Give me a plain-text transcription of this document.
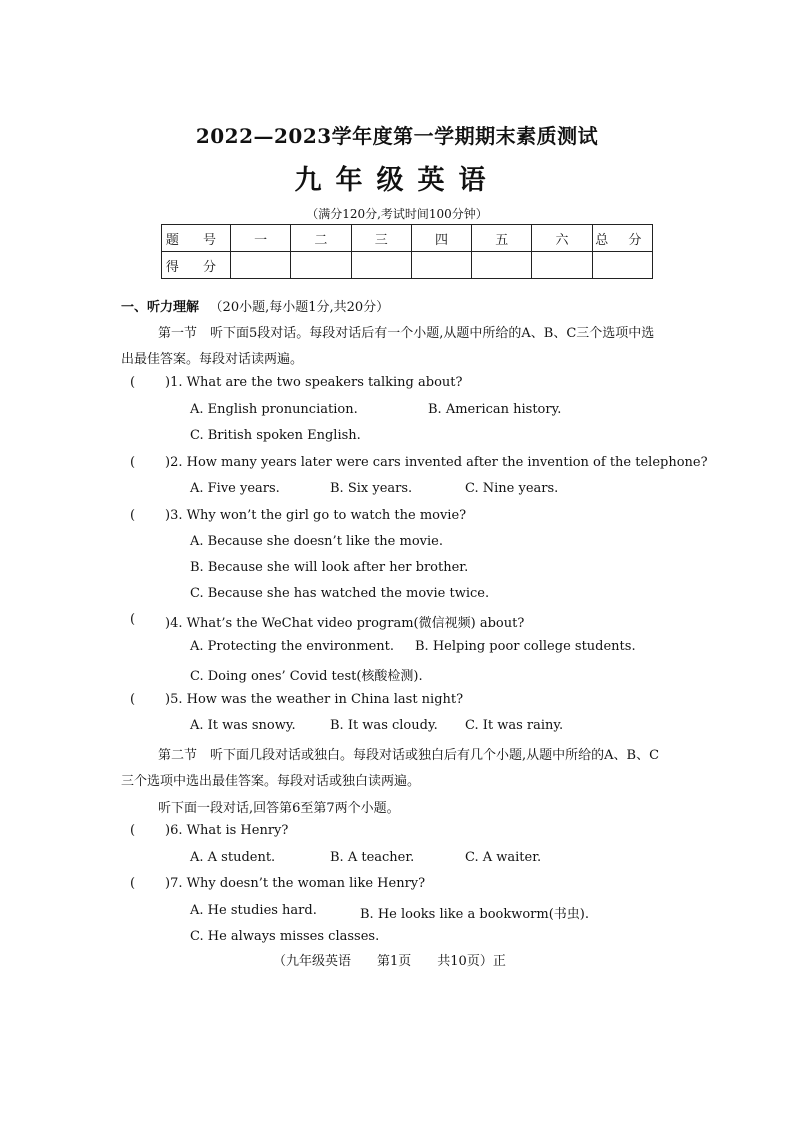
2022—2023学年度第一学期期末素质测试
九年级英语
（满分120分,考试时间100分钟）
题 号	一	二	三	四	五	六	总 分
得 分							
一、听力理解 （20小题,每小题1分,共20分）
第一节　听下面5段对话。每段对话后有一个小题,从题中所给的A、B、C三个选项中选
出最佳答案。每段对话读两遍。
( )1. What are the two speakers talking about?
A. English pronunciation.	B. American history.
C. British spoken English.
( )2. How many years later were cars invented after the invention of the telephone?
A. Five years.	B. Six years.	C. Nine years.
( )3. Why won’t the girl go to watch the movie?
A. Because she doesn’t like the movie.
B. Because she will look after her brother.
C. Because she has watched the movie twice.
( )4. What’s the WeChat video program(微信视频) about?
A. Protecting the environment. B. Helping poor college students.
C. Doing ones’ Covid test(核酸检测).
( )5. How was the weather in China last night?
A. It was snowy.	B. It was cloudy. C. It was rainy.
第二节　听下面几段对话或独白。每段对话或独白后有几个小题,从题中所给的A、B、C
三个选项中选出最佳答案。每段对话或独白读两遍。
听下面一段对话,回答第6至第7两个小题。
( )6. What is Henry?
A. A student.	B. A teacher.	C. A waiter.
( )7. Why doesn’t the woman like Henry?
A. He studies hard.	B. He looks like a bookworm(书虫).
C. He always misses classes.
（九年级英语　　第1页　　共10页）正
